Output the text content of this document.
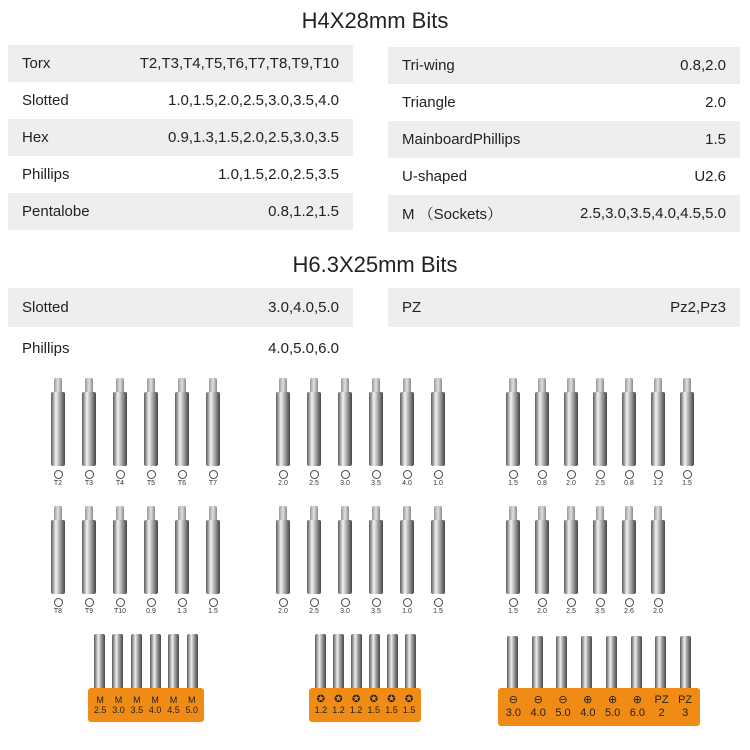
H4X28mm Bits
Torx	T2,T3,T4,T5,T6,T7,T8,T9,T10
Slotted	1.0,1.5,2.0,2.5,3.0,3.5,4.0
Hex	0.9,1.3,1.5,2.0,2.5,3.0,3.5
Phillips	1.0,1.5,2.0,2.5,3.5
Pentalobe	0.8,1.2,1.5
Tri-wing	0.8,2.0
Triangle	2.0
MainboardPhillips	1.5
U-shaped	U2.6
M （Sockets）	2.5,3.0,3.5,4.0,4.5,5.0
H6.3X25mm Bits
Slotted	3.0,4.0,5.0
Phillips	4.0,5.0,6.0
PZ	Pz2,Pz3
T2	T3	T4	T5	T6	T7
T8	T9	T10	0.9	1.3	1.5
2.0	2.5	3.0	3.5	4.0	1.0
2.0	2.5	3.0	3.5	1.0	1.5
1.5	0.8	2.0	2.5	0.8	1.2	1.5
1.5	2.0	2.5	3.5	2.6	2.0
M
2.5
M
3.0
M
3.5
M
4.0
M
4.5
M
5.0
✪
1.2
✪
1.2
✪
1.2
✪
1.5
✪
1.5
✪
1.5
⊖
3.0
⊖
4.0
⊖
5.0
⊕
4.0
⊕
5.0
⊕
6.0
PZ
2
PZ
3
